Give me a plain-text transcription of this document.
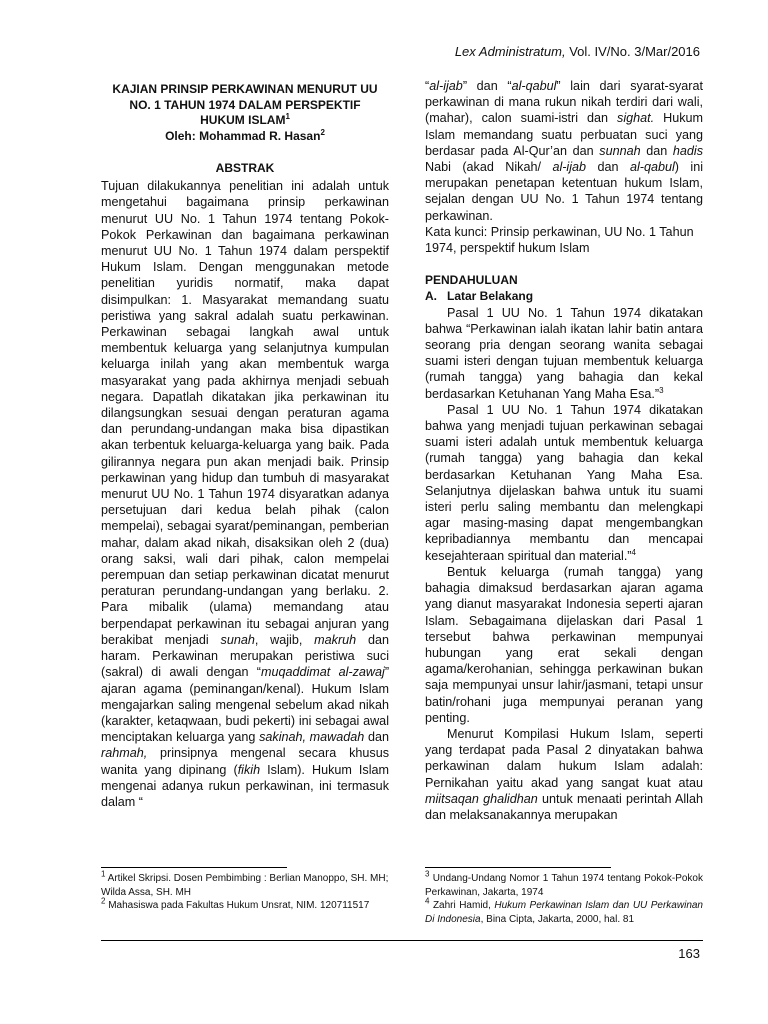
Lex Administratum, Vol. IV/No. 3/Mar/2016

KAJIAN PRINSIP PERKAWINAN MENURUT UU
NO. 1 TAHUN 1974 DALAM PERSPEKTIF
HUKUM ISLAM$^1$
Oleh: Mohammad R. Hasan$^2$

ABSTRAK

Tujuan dilakukannya penelitian ini adalah untuk mengetahui bagaimana prinsip perkawinan menurut UU No. 1 Tahun 1974 tentang Pokok-Pokok Perkawinan dan bagaimana perkawinan menurut UU No. 1 Tahun 1974 dalam perspektif Hukum Islam. Dengan menggunakan metode penelitian yuridis normatif, maka dapat disimpulkan: 1. Masyarakat memandang suatu peristiwa yang sakral adalah suatu perkawinan. Perkawinan sebagai langkah awal untuk membentuk keluarga yang selanjutnya kumpulan keluarga inilah yang akan membentuk warga masyarakat yang pada akhirnya menjadi sebuah negara. Dapatlah dikatakan jika perkawinan itu dilangsungkan sesuai dengan peraturan agama dan perundang-undangan maka bisa dipastikan akan terbentuk keluarga-keluarga yang baik. Pada gilirannya negara pun akan menjadi baik. Prinsip perkawinan yang hidup dan tumbuh di masyarakat menurut UU No. 1 Tahun 1974 disyaratkan adanya persetujuan dari kedua belah pihak (calon mempelai), sebagai syarat/peminangan, pemberian mahar, dalam akad nikah, disaksikan oleh 2 (dua) orang saksi, wali dari pihak, calon mempelai perempuan dan setiap perkawinan dicatat menurut peraturan perundang-undangan yang berlaku. 2. Para mibalik (ulama) memandang atau berpendapat perkawinan itu sebagai anjuran yang berakibat menjadi sunah, wajib, makruh dan haram. Perkawinan merupakan peristiwa suci (sakral) di awali dengan “muqaddimat al-zawaj” ajaran agama (peminangan/kenal). Hukum Islam mengajarkan saling mengenal sebelum akad nikah (karakter, ketaqwaan, budi pekerti) ini sebagai awal menciptakan keluarga yang sakinah, mawadah dan rahmah, prinsipnya mengenal secara khusus wanita yang dipinang (fikih Islam). Hukum Islam mengenai adanya rukun perkawinan, ini termasuk dalam “

“al-ijab” dan “al-qabul” lain dari syarat-syarat perkawinan di mana rukun nikah terdiri dari wali, (mahar), calon suami-istri dan sighat. Hukum Islam memandang suatu perbuatan suci yang berdasar pada Al-Qur’an dan sunnah dan hadis Nabi (akad Nikah/ al-ijab dan al-qabul) ini merupakan penetapan ketentuan hukum Islam, sejalan dengan UU No. 1 Tahun 1974 tentang perkawinan.

Kata kunci: Prinsip perkawinan, UU No. 1 Tahun 1974, perspektif hukum Islam

PENDAHULUAN

A.   Latar Belakang

Pasal 1 UU No. 1 Tahun 1974 dikatakan bahwa “Perkawinan ialah ikatan lahir batin antara seorang pria dengan seorang wanita sebagai suami isteri dengan tujuan membentuk keluarga (rumah tangga) yang bahagia dan kekal berdasarkan Ketuhanan Yang Maha Esa.”$^3$

Pasal 1 UU No. 1 Tahun 1974 dikatakan bahwa yang menjadi tujuan perkawinan sebagai suami isteri adalah untuk membentuk keluarga (rumah tangga) yang bahagia dan kekal berdasarkan Ketuhanan Yang Maha Esa. Selanjutnya dijelaskan bahwa untuk itu suami isteri perlu saling membantu dan melengkapi agar masing-masing dapat mengembangkan kepribadiannya membantu dan mencapai kesejahteraan spiritual dan material.”$^4$

Bentuk keluarga (rumah tangga) yang bahagia dimaksud berdasarkan ajaran agama yang dianut masyarakat Indonesia seperti ajaran Islam. Sebagaimana dijelaskan dari Pasal 1 tersebut bahwa perkawinan mempunyai hubungan yang erat sekali dengan agama/kerohanian, sehingga perkawinan bukan saja mempunyai unsur lahir/jasmani, tetapi unsur batin/rohani juga mempunyai peranan yang penting.

Menurut Kompilasi Hukum Islam, seperti yang terdapat pada Pasal 2 dinyatakan bahwa perkawinan dalam hukum Islam adalah: Pernikahan yaitu akad yang sangat kuat atau miitsaqan ghalidhan untuk menaati perintah Allah dan melaksanakannya merupakan

$^1$ Artikel Skripsi. Dosen Pembimbing : Berlian Manoppo, SH. MH; Wilda Assa, SH. MH

$^2$ Mahasiswa pada Fakultas Hukum Unsrat, NIM. 120711517

$^3$ Undang-Undang Nomor 1 Tahun 1974 tentang Pokok-Pokok Perkawinan, Jakarta, 1974

$^4$ Zahri Hamid, Hukum Perkawinan Islam dan UU Perkawinan Di Indonesia, Bina Cipta, Jakarta, 2000, hal. 81

163
